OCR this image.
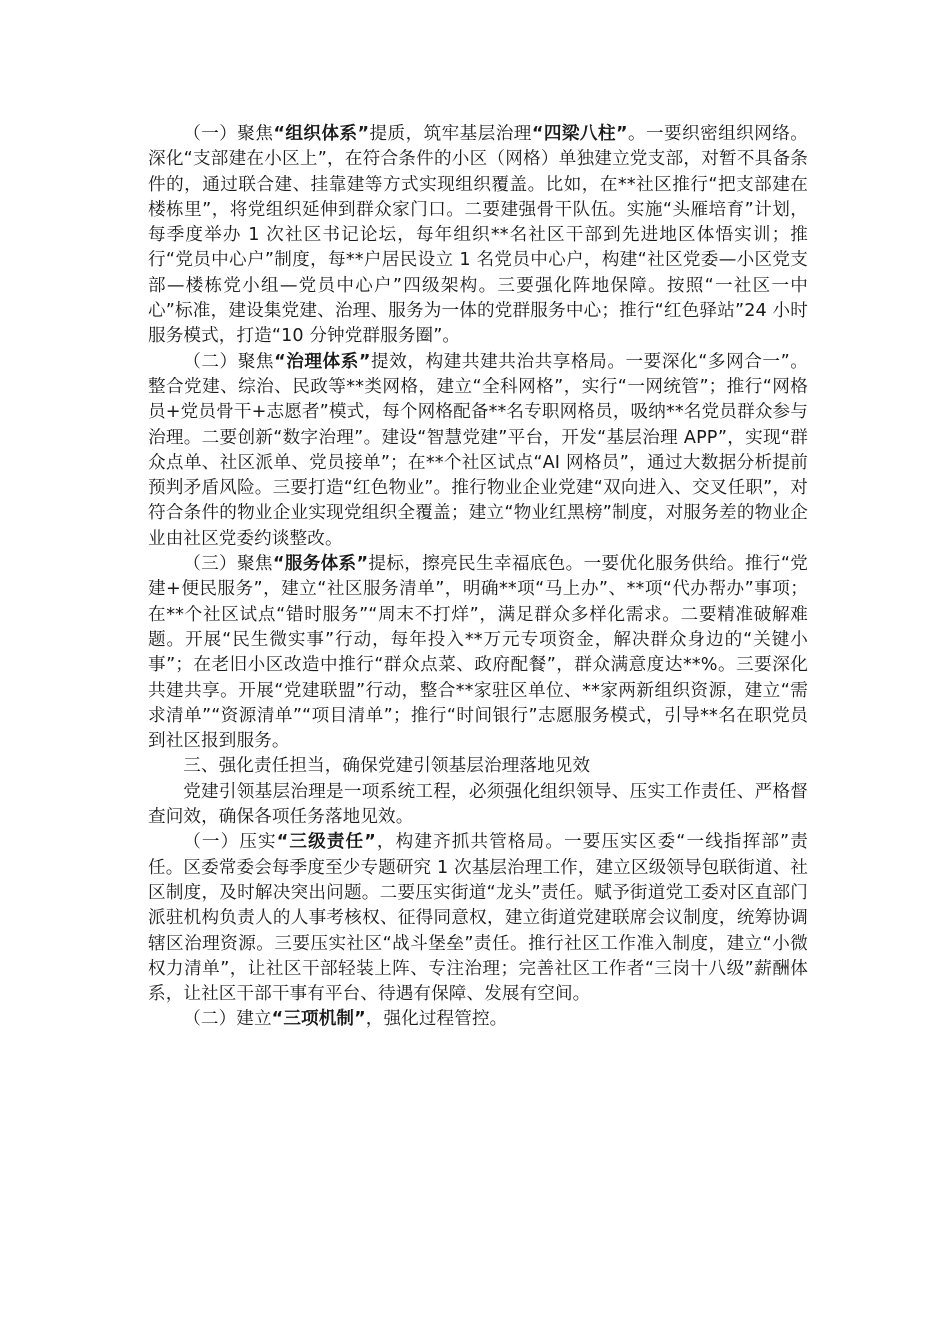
（一）聚焦“组织体系”提质，筑牢基层治理“四梁八柱”。一要织密组织网络。深化“支部建在小区上”，在符合条件的小区（网格）单独建立党支部，对暂不具备条件的，通过联合建、挂靠建等方式实现组织覆盖。比如，在**社区推行“把支部建在楼栋里”，将党组织延伸到群众家门口。二要建强骨干队伍。实施“头雁培育”计划，每季度举办 1 次社区书记论坛，每年组织**名社区干部到先进地区体悟实训；推行“党员中心户”制度，每**户居民设立 1 名党员中心户，构建“社区党委—小区党支部—楼栋党小组—党员中心户”四级架构。三要强化阵地保障。按照“一社区一中心”标准，建设集党建、治理、服务为一体的党群服务中心；推行“红色驿站”24 小时服务模式，打造“10 分钟党群服务圈”。

（二）聚焦“治理体系”提效，构建共建共治共享格局。一要深化“多网合一”。整合党建、综治、民政等**类网格，建立“全科网格”，实行“一网统管”；推行“网格员+党员骨干+志愿者”模式，每个网格配备**名专职网格员，吸纳**名党员群众参与治理。二要创新“数字治理”。建设“智慧党建”平台，开发“基层治理 APP”，实现“群众点单、社区派单、党员接单”；在**个社区试点“AI 网格员”，通过大数据分析提前预判矛盾风险。三要打造“红色物业”。推行物业企业党建“双向进入、交叉任职”，对符合条件的物业企业实现党组织全覆盖；建立“物业红黑榜”制度，对服务差的物业企业由社区党委约谈整改。

（三）聚焦“服务体系”提标，擦亮民生幸福底色。一要优化服务供给。推行“党建+便民服务”，建立“社区服务清单”，明确**项“马上办”、**项“代办帮办”事项；在**个社区试点“错时服务”“周末不打烊”，满足群众多样化需求。二要精准破解难题。开展“民生微实事”行动，每年投入**万元专项资金，解决群众身边的“关键小事”；在老旧小区改造中推行“群众点菜、政府配餐”，群众满意度达**%。三要深化共建共享。开展“党建联盟”行动，整合**家驻区单位、**家两新组织资源，建立“需求清单”“资源清单”“项目清单”；推行“时间银行”志愿服务模式，引导**名在职党员到社区报到服务。

三、强化责任担当，确保党建引领基层治理落地见效

党建引领基层治理是一项系统工程，必须强化组织领导、压实工作责任、严格督查问效，确保各项任务落地见效。

（一）压实“三级责任”，构建齐抓共管格局。一要压实区委“一线指挥部”责任。区委常委会每季度至少专题研究 1 次基层治理工作，建立区级领导包联街道、社区制度，及时解决突出问题。二要压实街道“龙头”责任。赋予街道党工委对区直部门派驻机构负责人的人事考核权、征得同意权，建立街道党建联席会议制度，统筹协调辖区治理资源。三要压实社区“战斗堡垒”责任。推行社区工作准入制度，建立“小微权力清单”，让社区干部轻装上阵、专注治理；完善社区工作者“三岗十八级”薪酬体系，让社区干部干事有平台、待遇有保障、发展有空间。

（二）建立“三项机制”，强化过程管控。
